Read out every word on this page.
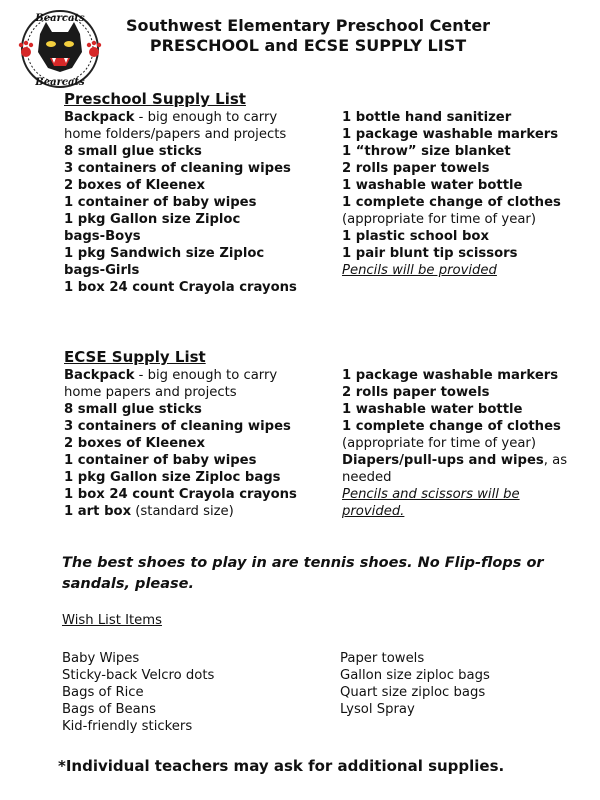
Bearcats
Bearcats
Southwest Elementary Preschool Center
PRESCHOOL and ECSE SUPPLY LIST
Preschool Supply List
Backpack - big enough to carry
home folders/papers and projects
8 small glue sticks
3 containers of cleaning wipes
2 boxes of Kleenex
1 container of baby wipes
1 pkg Gallon size Ziploc
bags-Boys
1 pkg Sandwich size Ziploc
bags-Girls
1 box 24 count Crayola crayons
1 bottle hand sanitizer
1 package washable markers
1 “throw” size blanket
2 rolls paper towels
1 washable water bottle
1 complete change of clothes
(appropriate for time of year)
1 plastic school box
1 pair blunt tip scissors
Pencils will be provided
ECSE Supply List
Backpack - big enough to carry
home papers and projects
8 small glue sticks
3 containers of cleaning wipes
2 boxes of Kleenex
1 container of baby wipes
1 pkg Gallon size Ziploc bags
1 box 24 count Crayola crayons
1 art box (standard size)
1 package washable markers
2 rolls paper towels
1 washable water bottle
1 complete change of clothes
(appropriate for time of year)
Diapers/pull-ups and wipes, as
needed
Pencils and scissors will be
provided.
The best shoes to play in are tennis shoes. No Flip-flops or
sandals, please.
Wish List Items
Baby Wipes
Sticky-back Velcro dots
Bags of Rice
Bags of Beans
Kid-friendly stickers
Paper towels
Gallon size ziploc bags
Quart size ziploc bags
Lysol Spray
*Individual teachers may ask for additional supplies.
